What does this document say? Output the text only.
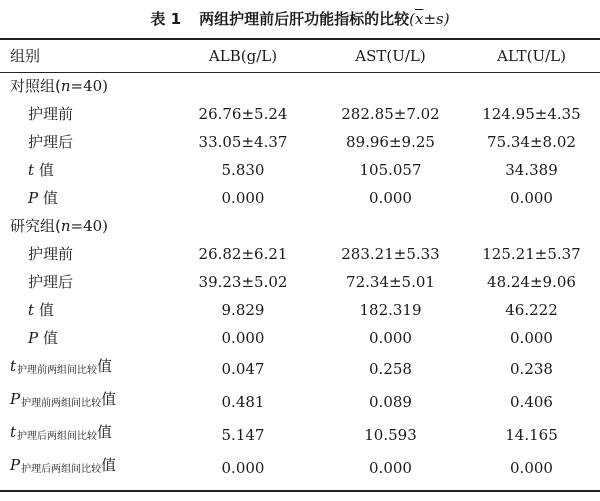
表 1 两组护理前后肝功能指标的比较$(\overline{x}\pm s)$
组别	ALB(g/L)	AST(U/L)	ALT(U/L)
对照组(n=40)			
护理前	26.76±5.24	282.85±7.02	124.95±4.35
护理后	33.05±4.37	89.96±9.25	75.34±8.02
t 值	5.830	105.057	34.389
P 值	0.000	0.000	0.000
研究组(n=40)			
护理前	26.82±6.21	283.21±5.33	125.21±5.37
护理后	39.23±5.02	72.34±5.01	48.24±9.06
t 值	9.829	182.319	46.222
P 值	0.000	0.000	0.000
$t_{护理前两组间比较}$值	0.047	0.258	0.238
$P_{护理前两组间比较}$值	0.481	0.089	0.406
$t_{护理后两组间比较}$值	5.147	10.593	14.165
$P_{护理后两组间比较}$值	0.000	0.000	0.000
